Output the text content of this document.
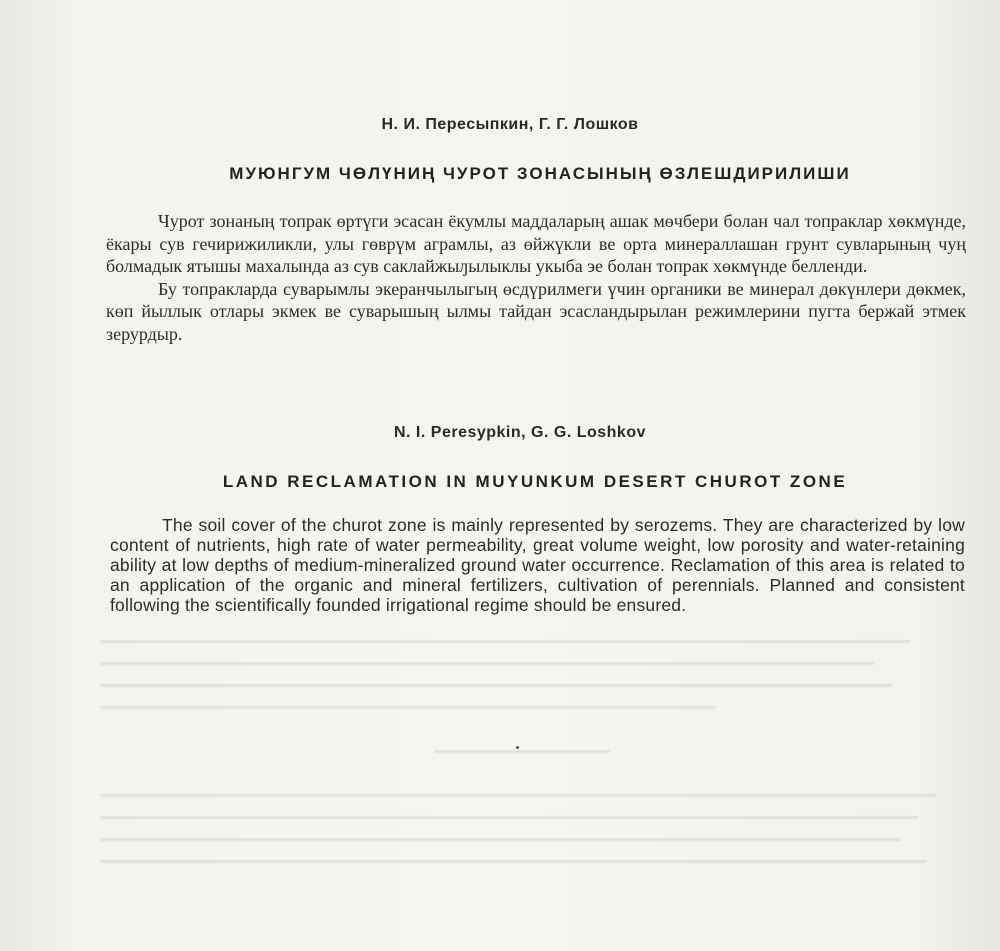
Н. И. Пересыпкин, Г. Г. Лошков
МУЮНГУМ ЧӨЛҮНИҢ ЧУРОТ ЗОНАСЫНЫҢ ӨЗЛЕШДИРИЛИШИ

Чурот зонаның топрак өртүги эсасан ёкумлы маддаларың ашак мөчбери болан чал топраклар хөкмүнде, ёкары сув гечирижиликли, улы гөврүм аграмлы, аз өйжүкли ве орта минераллашан грунт сувларының чуң болмадык ятышы махалында аз сув саклайжыԓылыклы укыба эе болан топрак хөкмүнде белленди.

Бу топракларда суварымлы экеранчылыгың өсдүрилмеги үчин органики ве минерал дөкүнлери дөкмек, көп йыллык отлары экмек ве суварышың ылмы тайдан эсасландырылан режимлерини пугта бержай этмек зерурдыр.

N. I. Peresypkin, G. G. Loshkov
LAND RECLAMATION IN MUYUNKUM DESERT CHUROT ZONE

The soil cover of the churot zone is mainly represented by serozems. They are characterized by low content of nutrients, high rate of water permeability, great volume weight, low porosity and water-retaining ability at low depths of medium-mineralized ground water occurrence. Reclamation of this area is related to an application of the organic and mineral fertilizers, cultivation of perennials. Planned and consistent following the scientifically founded irrigational regime should be ensured.
